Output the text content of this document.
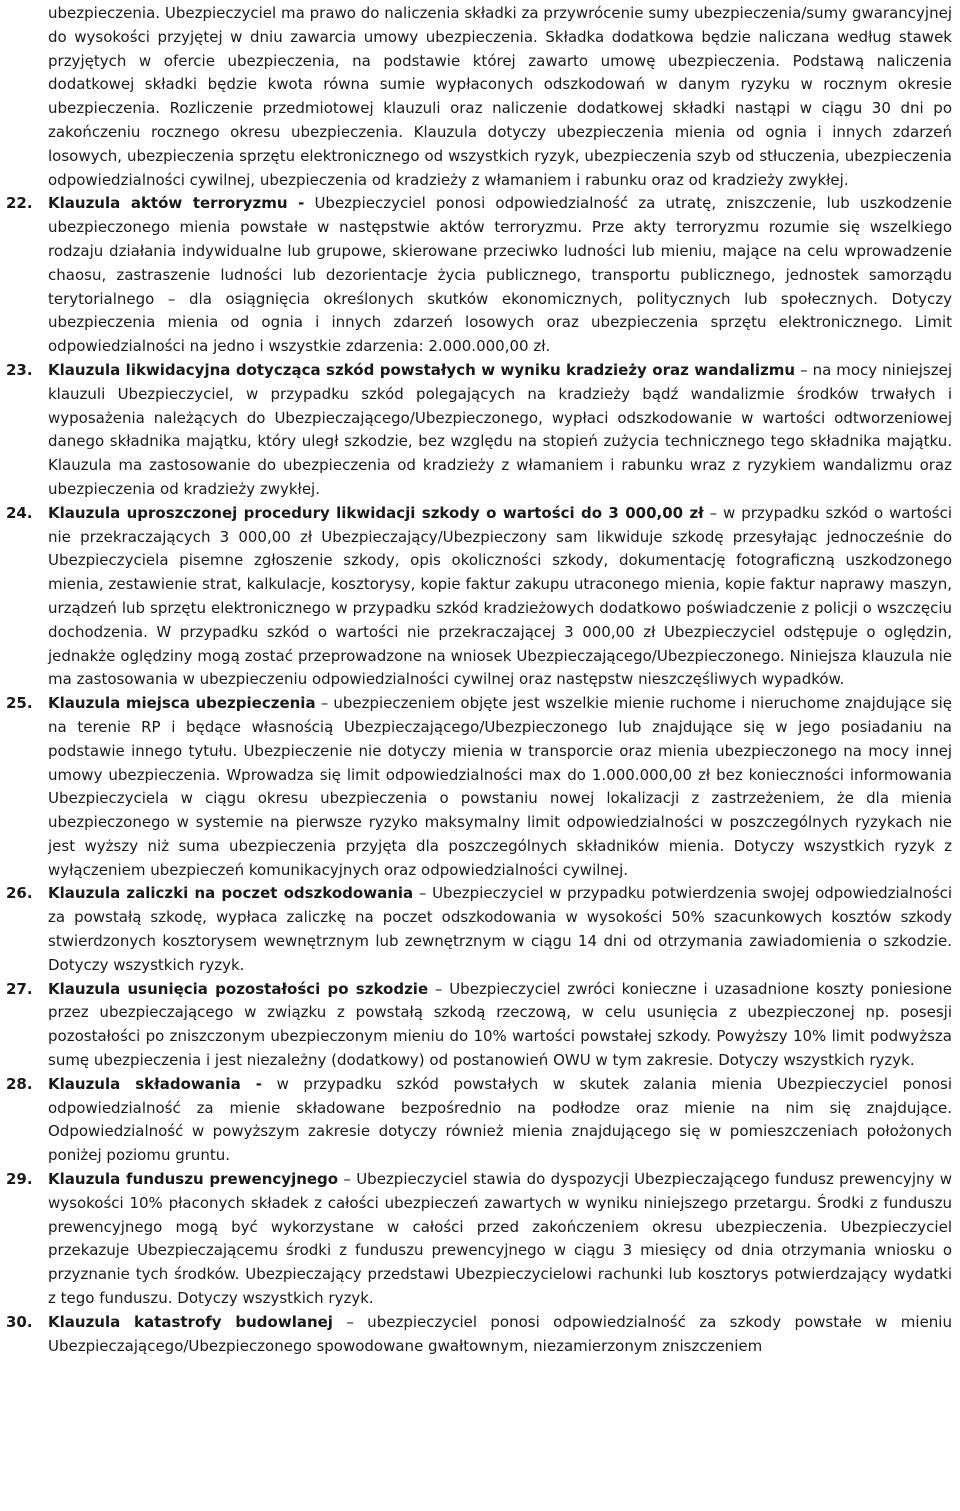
ubezpieczenia. Ubezpieczyciel ma prawo do naliczenia składki za przywrócenie sumy ubezpieczenia/sumy gwarancyjnej do wysokości przyjętej w dniu zawarcia umowy ubezpieczenia. Składka dodatkowa będzie naliczana według stawek przyjętych w ofercie ubezpieczenia, na podstawie której zawarto umowę ubezpieczenia. Podstawą naliczenia dodatkowej składki będzie kwota równa sumie wypłaconych odszkodowań w danym ryzyku w rocznym okresie ubezpieczenia. Rozliczenie przedmiotowej klauzuli oraz naliczenie dodatkowej składki nastąpi w ciągu 30 dni po zakończeniu rocznego okresu ubezpieczenia. Klauzula dotyczy ubezpieczenia mienia od ognia i innych zdarzeń losowych, ubezpieczenia sprzętu elektronicznego od wszystkich ryzyk, ubezpieczenia szyb od stłuczenia, ubezpieczenia odpowiedzialności cywilnej, ubezpieczenia od kradzieży z włamaniem i rabunku oraz od kradzieży zwykłej.

22. Klauzula aktów terroryzmu - Ubezpieczyciel ponosi odpowiedzialność za utratę, zniszczenie, lub uszkodzenie ubezpieczonego mienia powstałe w następstwie aktów terroryzmu. Prze akty terroryzmu rozumie się wszelkiego rodzaju działania indywidualne lub grupowe, skierowane przeciwko ludności lub mieniu, mające na celu wprowadzenie chaosu, zastraszenie ludności lub dezorientacje życia publicznego, transportu publicznego, jednostek samorządu terytorialnego – dla osiągnięcia określonych skutków ekonomicznych, politycznych lub społecznych. Dotyczy ubezpieczenia mienia od ognia i innych zdarzeń losowych oraz ubezpieczenia sprzętu elektronicznego. Limit odpowiedzialności na jedno i wszystkie zdarzenia: 2.000.000,00 zł.

23. Klauzula likwidacyjna dotycząca szkód powstałych w wyniku kradzieży oraz wandalizmu – na mocy niniejszej klauzuli Ubezpieczyciel, w przypadku szkód polegających na kradzieży bądź wandalizmie środków trwałych i wyposażenia należących do Ubezpieczającego/Ubezpieczonego, wypłaci odszkodowanie w wartości odtworzeniowej danego składnika majątku, który uległ szkodzie, bez względu na stopień zużycia technicznego tego składnika majątku. Klauzula ma zastosowanie do ubezpieczenia od kradzieży z włamaniem i rabunku wraz z ryzykiem wandalizmu oraz ubezpieczenia od kradzieży zwykłej.

24. Klauzula uproszczonej procedury likwidacji szkody o wartości do 3 000,00 zł – w przypadku szkód o wartości nie przekraczających 3 000,00 zł Ubezpieczający/Ubezpieczony sam likwiduje szkodę przesyłając jednocześnie do Ubezpieczyciela pisemne zgłoszenie szkody, opis okoliczności szkody, dokumentację fotograficzną uszkodzonego mienia, zestawienie strat, kalkulacje, kosztorysy, kopie faktur zakupu utraconego mienia, kopie faktur naprawy maszyn, urządzeń lub sprzętu elektronicznego w przypadku szkód kradzieżowych dodatkowo poświadczenie z policji o wszczęciu dochodzenia. W przypadku szkód o wartości nie przekraczającej 3 000,00 zł Ubezpieczyciel odstępuje o oględzin, jednakże oględziny mogą zostać przeprowadzone na wniosek Ubezpieczającego/Ubezpieczonego. Niniejsza klauzula nie ma zastosowania w ubezpieczeniu odpowiedzialności cywilnej oraz następstw nieszczęśliwych wypadków.

25. Klauzula miejsca ubezpieczenia – ubezpieczeniem objęte jest wszelkie mienie ruchome i nieruchome znajdujące się na terenie RP i będące własnością Ubezpieczającego/Ubezpieczonego lub znajdujące się w jego posiadaniu na podstawie innego tytułu. Ubezpieczenie nie dotyczy mienia w transporcie oraz mienia ubezpieczonego na mocy innej umowy ubezpieczenia. Wprowadza się limit odpowiedzialności max do 1.000.000,00 zł bez konieczności informowania Ubezpieczyciela w ciągu okresu ubezpieczenia o powstaniu nowej lokalizacji z zastrzeżeniem, że dla mienia ubezpieczonego w systemie na pierwsze ryzyko maksymalny limit odpowiedzialności w poszczególnych ryzykach nie jest wyższy niż suma ubezpieczenia przyjęta dla poszczególnych składników mienia. Dotyczy wszystkich ryzyk z wyłączeniem ubezpieczeń komunikacyjnych oraz odpowiedzialności cywilnej.

26. Klauzula zaliczki na poczet odszkodowania – Ubezpieczyciel w przypadku potwierdzenia swojej odpowiedzialności za powstałą szkodę, wypłaca zaliczkę na poczet odszkodowania w wysokości 50% szacunkowych kosztów szkody stwierdzonych kosztorysem wewnętrznym lub zewnętrznym w ciągu 14 dni od otrzymania zawiadomienia o szkodzie. Dotyczy wszystkich ryzyk.

27. Klauzula usunięcia pozostałości po szkodzie – Ubezpieczyciel zwróci konieczne i uzasadnione koszty poniesione przez ubezpieczającego w związku z powstałą szkodą rzeczową, w celu usunięcia z ubezpieczonej np. posesji pozostałości po zniszczonym ubezpieczonym mieniu do 10% wartości powstałej szkody. Powyższy 10% limit podwyższa sumę ubezpieczenia i jest niezależny (dodatkowy) od postanowień OWU w tym zakresie. Dotyczy wszystkich ryzyk.

28. Klauzula składowania - w przypadku szkód powstałych w skutek zalania mienia Ubezpieczyciel ponosi odpowiedzialność za mienie składowane bezpośrednio na podłodze oraz mienie na nim się znajdujące. Odpowiedzialność w powyższym zakresie dotyczy również mienia znajdującego się w pomieszczeniach położonych poniżej poziomu gruntu.

29. Klauzula funduszu prewencyjnego – Ubezpieczyciel stawia do dyspozycji Ubezpieczającego fundusz prewencyjny w wysokości 10% płaconych składek z całości ubezpieczeń zawartych w wyniku niniejszego przetargu. Środki z funduszu prewencyjnego mogą być wykorzystane w całości przed zakończeniem okresu ubezpieczenia. Ubezpieczyciel przekazuje Ubezpieczającemu środki z funduszu prewencyjnego w ciągu 3 miesięcy od dnia otrzymania wniosku o przyznanie tych środków. Ubezpieczający przedstawi Ubezpieczycielowi rachunki lub kosztorys potwierdzający wydatki z tego funduszu. Dotyczy wszystkich ryzyk.

30. Klauzula katastrofy budowlanej – ubezpieczyciel ponosi odpowiedzialność za szkody powstałe w mieniu Ubezpieczającego/Ubezpieczonego spowodowane gwałtownym, niezamierzonym zniszczeniem
